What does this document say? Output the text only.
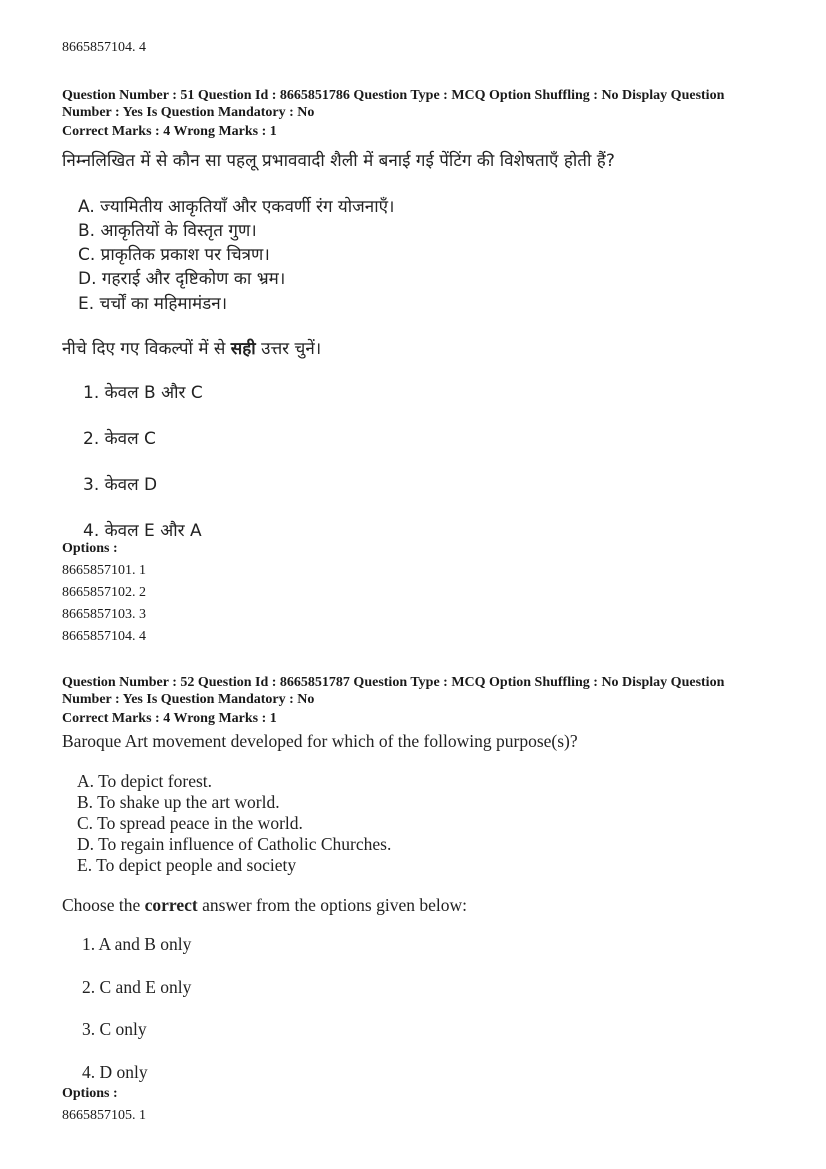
8665857104. 4
Question Number : 51 Question Id : 8665851786 Question Type : MCQ Option Shuffling : No Display Question
Number : Yes Is Question Mandatory : No
Correct Marks : 4 Wrong Marks : 1
निम्नलिखित में से कौन सा पहलू प्रभाववादी शैली में बनाई गई पेंटिंग की विशेषताएँ होती हैं?
A. ज्यामितीय आकृतियाँ और एकवर्णी रंग योजनाएँ।
B. आकृतियों के विस्तृत गुण।
C. प्राकृतिक प्रकाश पर चित्रण।
D. गहराई और दृष्टिकोण का भ्रम।
E. चर्चों का महिमामंडन।
नीचे दिए गए विकल्पों में से सही उत्तर चुनें।
1. केवल B और C
2. केवल C
3. केवल D
4. केवल E और A
Options :
8665857101. 1
8665857102. 2
8665857103. 3
8665857104. 4
Question Number : 52 Question Id : 8665851787 Question Type : MCQ Option Shuffling : No Display Question
Number : Yes Is Question Mandatory : No
Correct Marks : 4 Wrong Marks : 1
Baroque Art movement developed for which of the following purpose(s)?
A. To depict forest.
B. To shake up the art world.
C. To spread peace in the world.
D. To regain influence of Catholic Churches.
E. To depict people and society
Choose the correct answer from the options given below:
1. A and B only
2. C and E only
3. C only
4. D only
Options :
8665857105. 1
